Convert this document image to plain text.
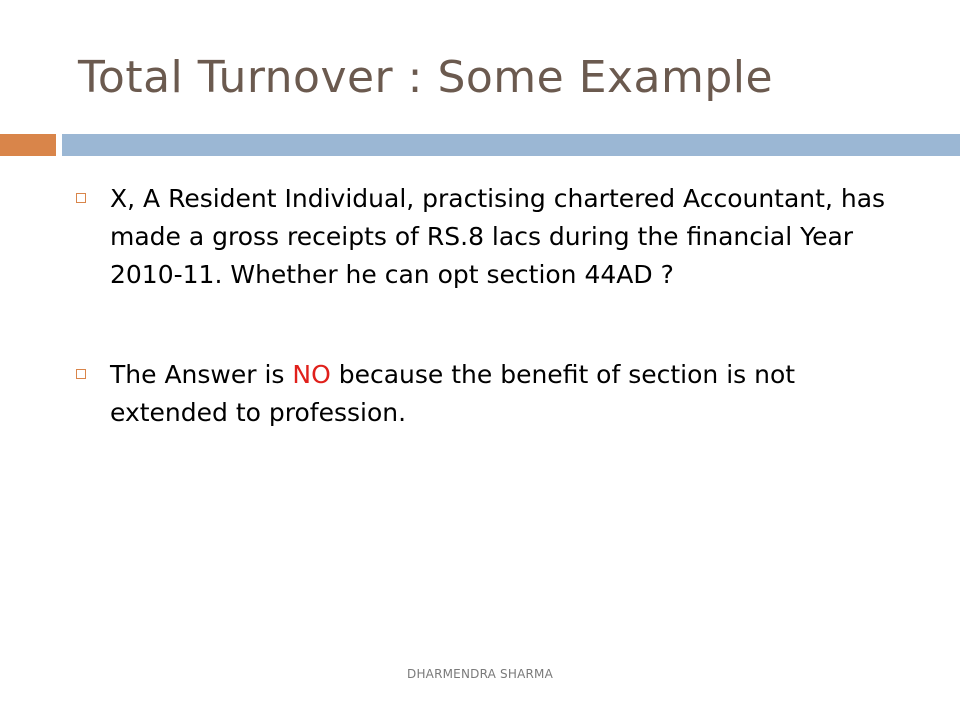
Total Turnover : Some Example
X, A Resident Individual, practising chartered Accountant, has made a gross receipts of RS.8 lacs during the financial Year 2010-11. Whether he can opt section 44AD ?
The Answer is NO because the benefit of section is not extended to profession.
DHARMENDRA SHARMA
